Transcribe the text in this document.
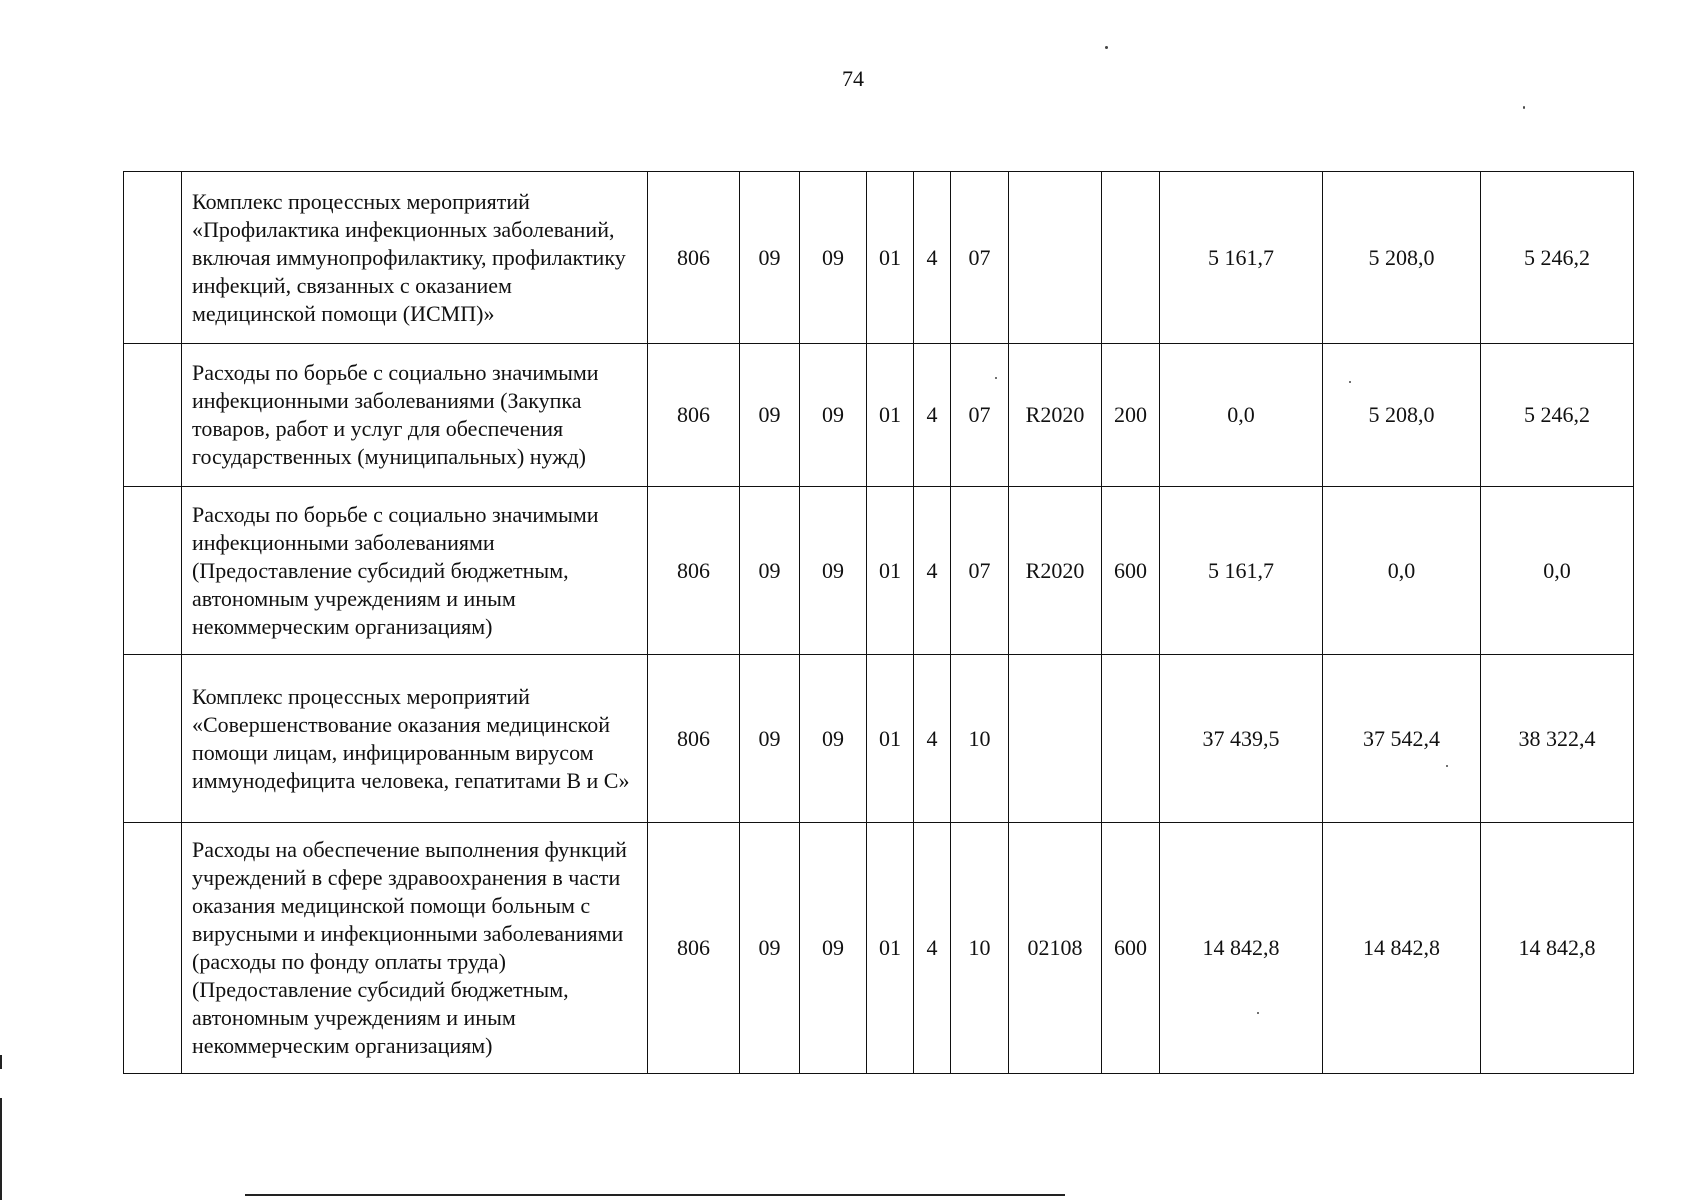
74
	Комплекс процессных мероприятий «Профилактика инфекционных заболеваний, включая иммунопрофилактику, профилактику инфекций, связанных с оказанием медицинской помощи (ИСМП)»	806	09	09	01	4	07			5 161,7	5 208,0	5 246,2
	Расходы по борьбе с социально значимыми инфекционными заболеваниями (Закупка товаров, работ и услуг для обеспечения государственных (муниципальных) нужд)	806	09	09	01	4	07	R2020	200	0,0	5 208,0	5 246,2
	Расходы по борьбе с социально значимыми инфекционными заболеваниями (Предоставление субсидий бюджетным, автономным учреждениям и иным некоммерческим организациям)	806	09	09	01	4	07	R2020	600	5 161,7	0,0	0,0
	Комплекс процессных мероприятий «Совершенствование оказания медицинской помощи лицам, инфицированным вирусом иммунодефицита человека, гепатитами В и С»	806	09	09	01	4	10			37 439,5	37 542,4	38 322,4
	Расходы на обеспечение выполнения функций учреждений в сфере здравоохранения в части оказания медицинской помощи больным с вирусными и инфекционными заболеваниями   (расходы по фонду оплаты труда) (Предоставление субсидий бюджетным, автономным учреждениям и иным некоммерческим организациям)	806	09	09	01	4	10	02108	600	14 842,8	14 842,8	14 842,8
